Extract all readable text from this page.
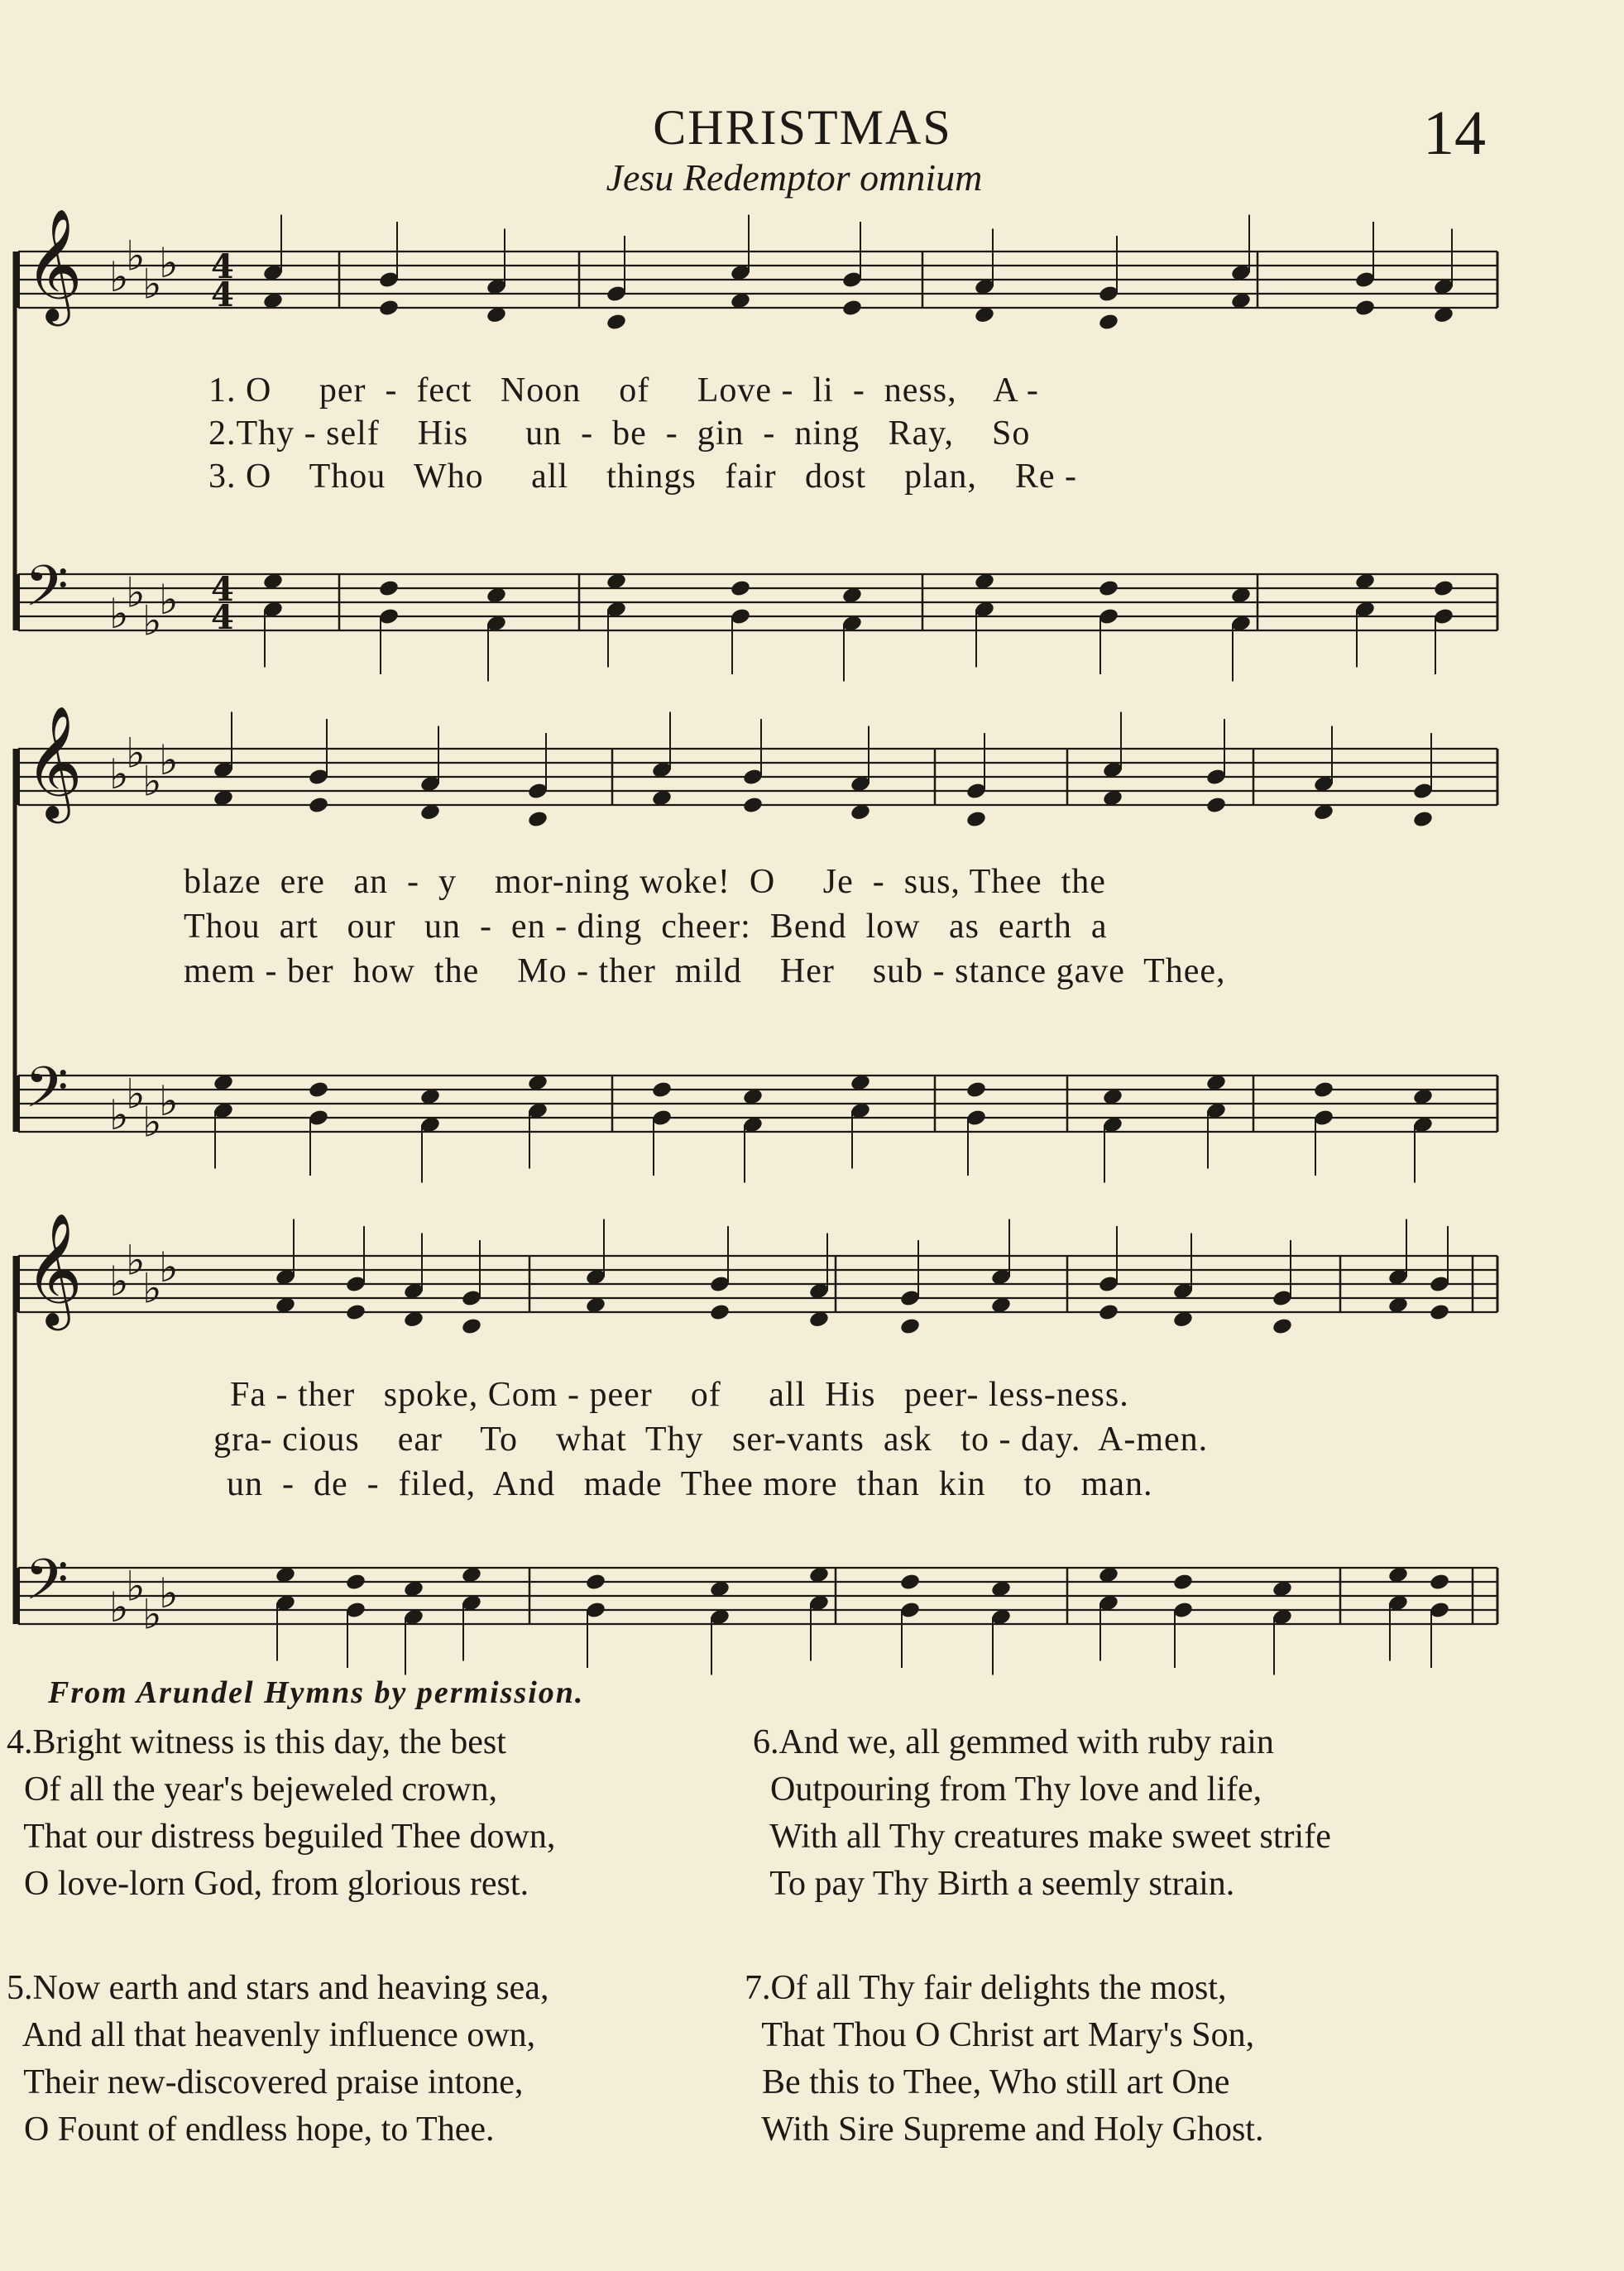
CHRISTMAS	14
Jesu Redemptor omnium
𝄞 ♭
♭
♭
♭
𝄢 ♭
♭
♭
♭
𝄞 ♭
♭
♭
♭
𝄢 ♭
♭
♭
♭
𝄞 ♭
♭
♭
♭
𝄢 ♭
♭
♭
♭
4
4
4
4
1. O     per  -  fect   Noon    of     Love -  li  -  ness,    A -
2.Thy - self    His      un  -  be  -  gin  -  ning   Ray,    So
3. O    Thou   Who     all    things   fair   dost    plan,    Re -
blaze  ere   an  -  y    mor-ning woke!  O     Je  -  sus, Thee  the
Thou  art   our   un  -  en - ding  cheer:  Bend  low   as  earth  a
mem - ber  how  the    Mo - ther  mild    Her    sub - stance gave  Thee,
Fa - ther   spoke, Com - peer    of     all  His   peer- less-ness.
gra- cious    ear    To    what  Thy   ser-vants  ask   to - day.  A-men.
un  -  de  -  filed,  And   made  Thee more  than  kin    to   man.
From Arundel Hymns by permission.
4.Bright witness is this day, the best
Of all the year's bejeweled crown,
That our distress beguiled Thee down,
O love-lorn God, from glorious rest.
6.And we, all gemmed with ruby rain
Outpouring from Thy love and life,
With all Thy creatures make sweet strife
To pay Thy Birth a seemly strain.
5.Now earth and stars and heaving sea,
And all that heavenly influence own,
Their new-discovered praise intone,
O Fount of endless hope, to Thee.
7.Of all Thy fair delights the most,
That Thou O Christ art Mary's Son,
Be this to Thee, Who still art One
With Sire Supreme and Holy Ghost.
